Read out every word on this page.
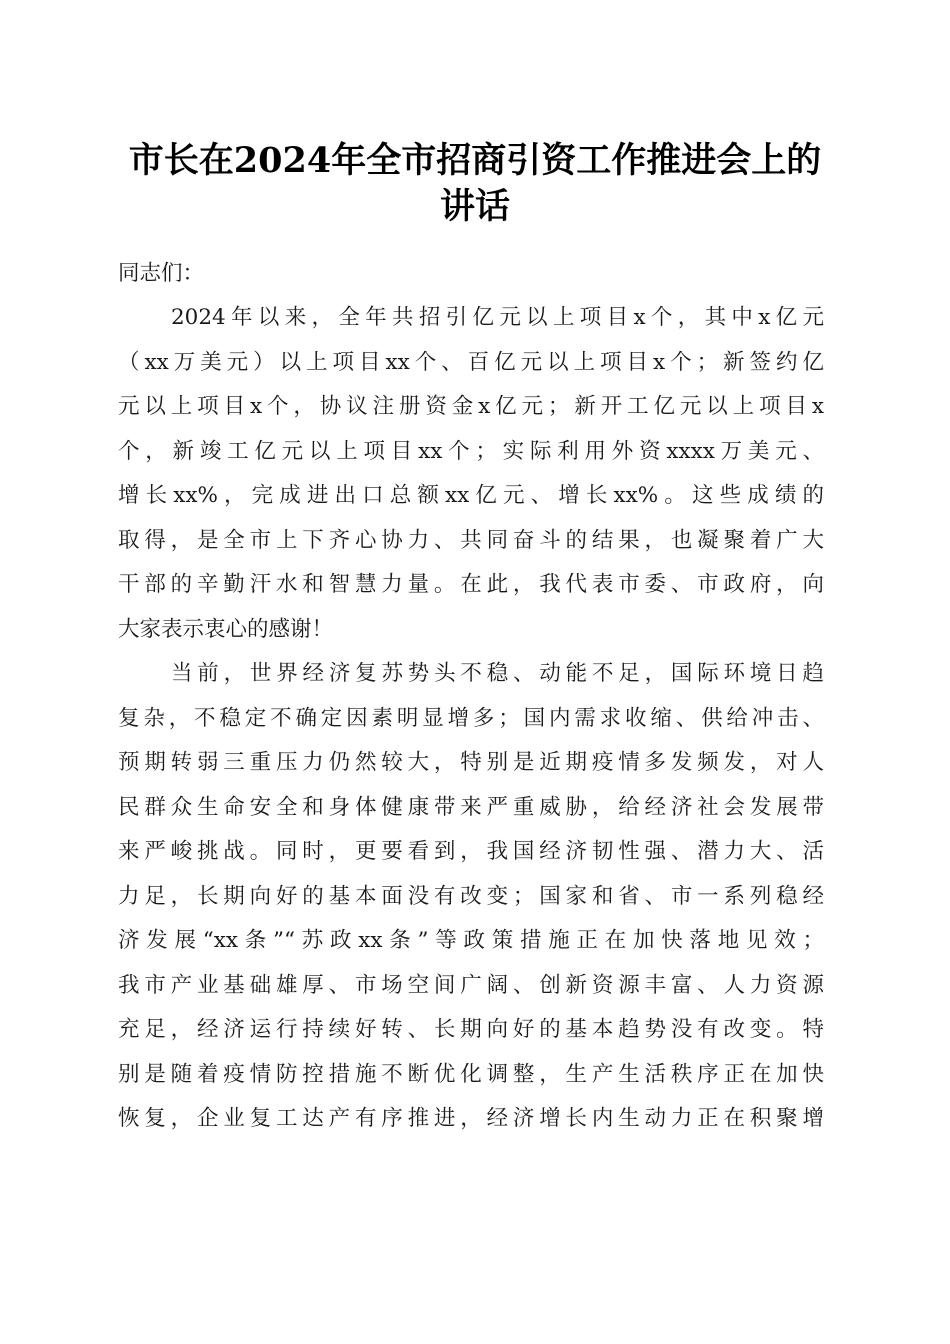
市长在2024年全市招商引资工作推进会上的
讲话

同志们：

2024年以来，全年共招引亿元以上项目x个，其中x亿元
（xx万美元）以上项目xx个、百亿元以上项目x个；新签约亿
元以上项目x个，协议注册资金x亿元；新开工亿元以上项目x
个，新竣工亿元以上项目xx个；实际利用外资xxxx万美元、
增长xx%，完成进出口总额xx亿元、增长xx%。这些成绩的
取得，是全市上下齐心协力、共同奋斗的结果，也凝聚着广大
干部的辛勤汗水和智慧力量。在此，我代表市委、市政府，向
大家表示衷心的感谢！
当前，世界经济复苏势头不稳、动能不足，国际环境日趋
复杂，不稳定不确定因素明显增多；国内需求收缩、供给冲击、
预期转弱三重压力仍然较大，特别是近期疫情多发频发，对人
民群众生命安全和身体健康带来严重威胁，给经济社会发展带
来严峻挑战。同时，更要看到，我国经济韧性强、潜力大、活
力足，长期向好的基本面没有改变；国家和省、市一系列稳经
济发展“xx条”“苏政xx条”等政策措施正在加快落地见效；
我市产业基础雄厚、市场空间广阔、创新资源丰富、人力资源
充足，经济运行持续好转、长期向好的基本趋势没有改变。特
别是随着疫情防控措施不断优化调整，生产生活秩序正在加快
恢复，企业复工达产有序推进，经济增长内生动力正在积聚增
